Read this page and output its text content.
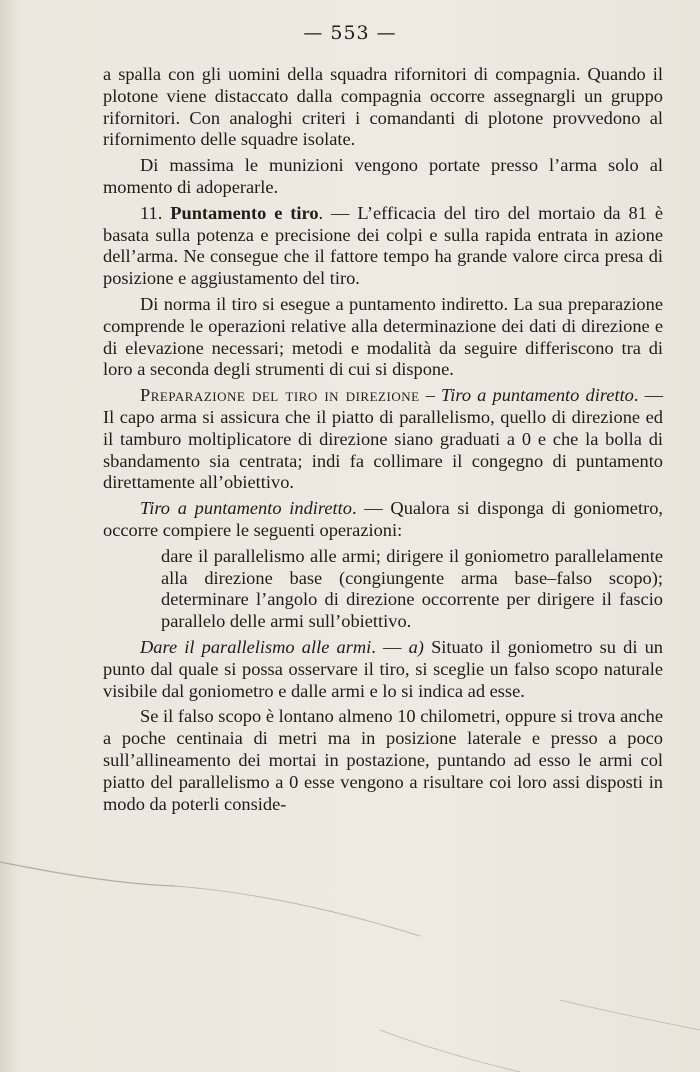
— 553 —

a spalla con gli uomini della squadra rifornitori di compagnia. Quando il plotone viene distaccato dalla compagnia occorre assegnargli un gruppo rifornitori. Con analoghi criteri i comandanti di plotone provvedono al rifornimento delle squadre isolate.

Di massima le munizioni vengono portate presso l’arma solo al momento di adoperarle.

11. Puntamento e tiro. — L’efficacia del tiro del mortaio da 81 è basata sulla potenza e precisione dei colpi e sulla rapida entrata in azione dell’arma. Ne consegue che il fattore tempo ha grande valore circa presa di posizione e aggiustamento del tiro.

Di norma il tiro si esegue a puntamento indiretto. La sua preparazione comprende le operazioni relative alla determinazione dei dati di direzione e di elevazione necessari; metodi e modalità da seguire differiscono tra di loro a seconda degli strumenti di cui si dispone.

Preparazione del tiro in direzione – Tiro a puntamento diretto. — Il capo arma si assicura che il piatto di parallelismo, quello di direzione ed il tamburo moltiplicatore di direzione siano graduati a 0 e che la bolla di sbandamento sia centrata; indi fa collimare il congegno di puntamento direttamente all’obiettivo.

Tiro a puntamento indiretto. — Qualora si disponga di goniometro, occorre compiere le seguenti operazioni:

dare il parallelismo alle armi; dirigere il goniometro parallelamente alla direzione base (congiungente arma base–falso scopo); determinare l’angolo di direzione occorrente per dirigere il fascio parallelo delle armi sull’obiettivo.

Dare il parallelismo alle armi. — a) Situato il goniometro su di un punto dal quale si possa osservare il tiro, si sceglie un falso scopo naturale visibile dal goniometro e dalle armi e lo si indica ad esse.

Se il falso scopo è lontano almeno 10 chilometri, oppure si trova anche a poche centinaia di metri ma in posizione laterale e presso a poco sull’allineamento dei mortai in postazione, puntando ad esso le armi col piatto del parallelismo a 0 esse vengono a risultare coi loro assi disposti in modo da poterli conside-
